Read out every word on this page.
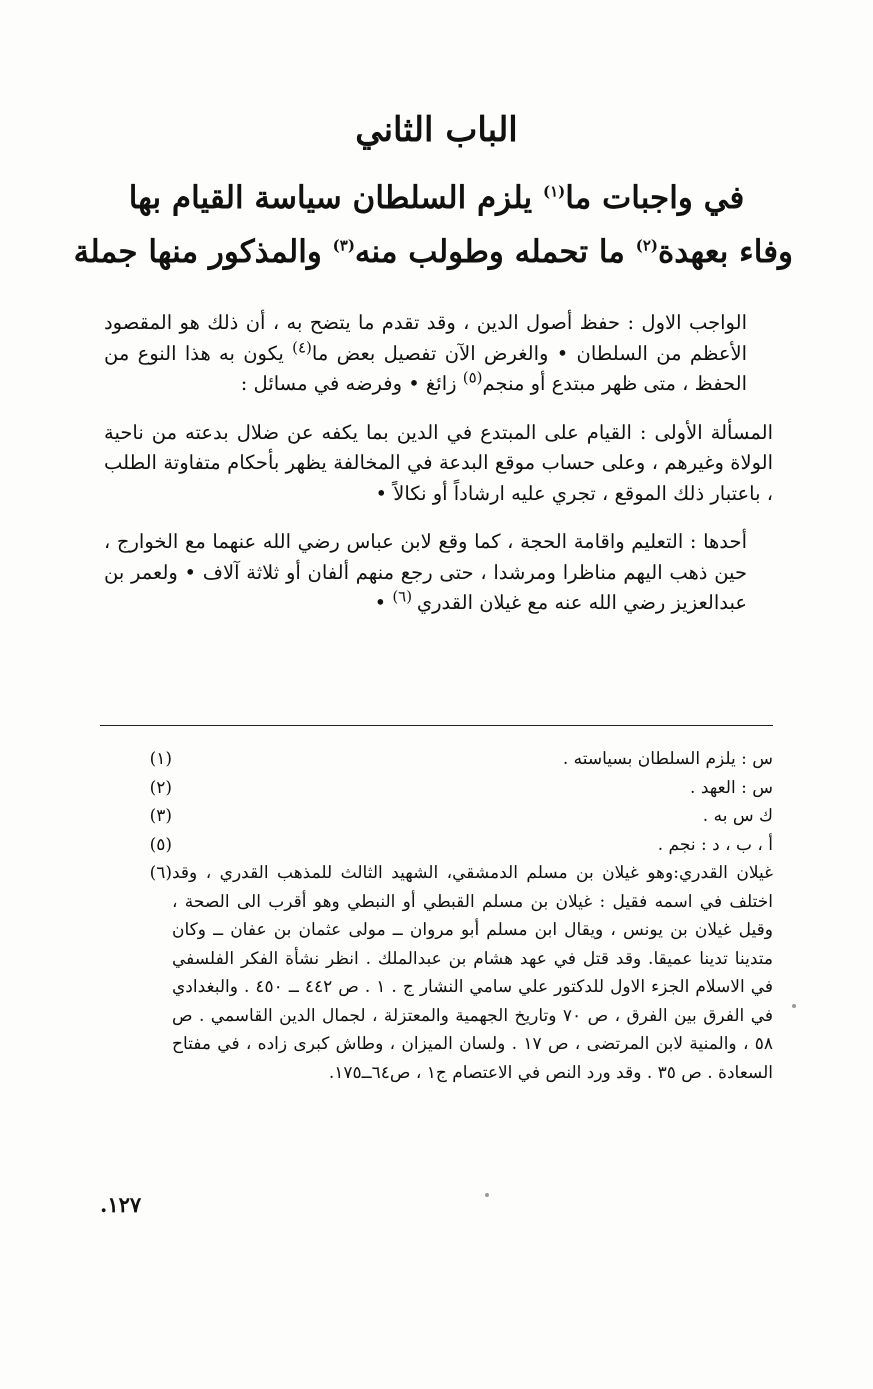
الباب الثاني
في واجبات ما$^{(١)}$ يلزم السلطان سياسة القيام بها
وفاء بعهدة$^{(٢)}$ ما تحمله وطولب منه$^{(٣)}$ والمذكور منها جملة

الواجب الاول : حفظ أصول الدين ، وقد تقدم ما يتضح به ، أن ذلك هو المقصود الأعظم من السلطان • والغرض الآن تفصيل بعض ما$^{(٤)}$ يكون به هذا النوع من الحفظ ، متى ظهر مبتدع أو منجم$^{(٥)}$ زائغ • وفرضه في مسائل :

المسألة الأولى : القيام على المبتدع في الدين بما يكفه عن ضلال بدعته من ناحية الولاة وغيرهم ، وعلى حساب موقع البدعة في المخالفة يظهر بأحكام متفاوتة الطلب ، باعتبار ذلك الموقع ، تجري عليه ارشاداً أو نكالاً •

أحدها : التعليم واقامة الحجة ، كما وقع لابن عباس رضي الله عنهما مع الخوارج ، حين ذهب اليهم مناظرا ومرشدا ، حتى رجع منهم ألفان أو ثلاثة آلاف • ولعمر بن عبدالعزيز رضي الله عنه مع غيلان القدري $^{(٦)}$ •

س : يلزم السلطان بسياسته .

(١)

س : العهد .

(٢)

ك س به .

(٣)

أ ، ب ، د : نجم .

(٥)

غيلان القدري:وهو غيلان بن مسلم الدمشقي، الشهيد الثالث للمذهب القدري ، وقد اختلف في اسمه فقيل : غيلان بن مسلم القبطي أو النبطي وهو أقرب الى الصحة ، وقيل غيلان بن يونس ، ويقال ابن مسلم أبو مروان ــ مولى عثمان بن عفان ــ وكان متدينا تدينا عميقا. وقد قتل في عهد هشام بن عبدالملك . انظر نشأة الفكر الفلسفي في الاسلام الجزء الاول للدكتور علي سامي النشار ج . ١ . ص ٤٤٢ ــ ٤٥٠ . والبغدادي في الفرق بين الفرق ، ص ٧٠ وتاريخ الجهمية والمعتزلة ، لجمال الدين القاسمي . ص ٥٨ ، والمنية لابن المرتضى ، ص ١٧ . ولسان الميزان ، وطاش كبرى زاده ، في مفتاح السعادة . ص ٣٥ . وقد ورد النص في الاعتصام ج١ ، ص٦٤ــ١٧٥.

(٦)
١٢٧.
